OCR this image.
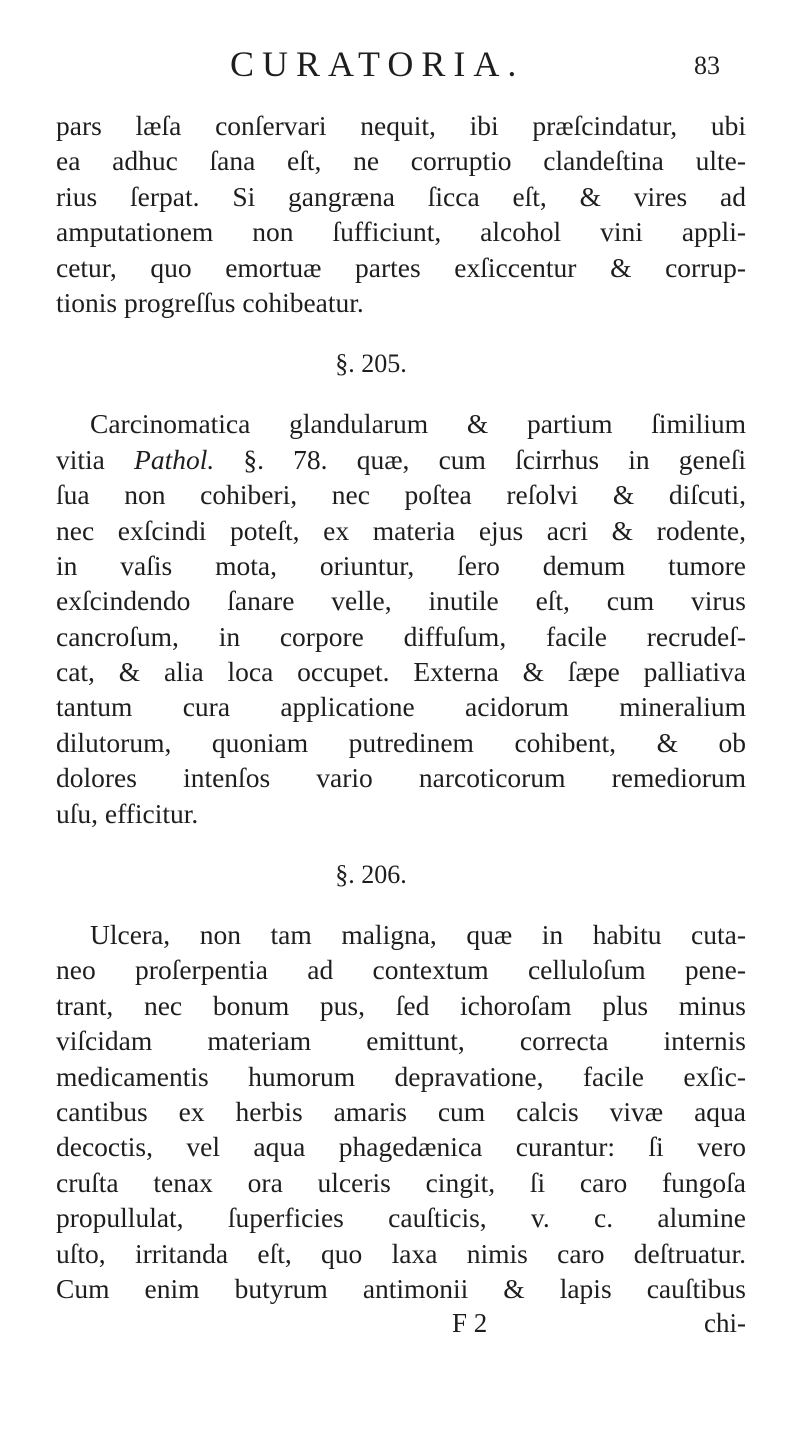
CURATORIA.	83
pars læſa conſervari nequit, ibi præſcindatur, ubi
ea adhuc ſana eſt, ne corruptio clandeſtina ulte-
rius ſerpat. Si gangræna ſicca eſt, & vires ad
amputationem non ſufficiunt, alcohol vini appli-
cetur, quo emortuæ partes exſiccentur & corrup-
tionis progreſſus cohibeatur.
§. 205.
Carcinomatica glandularum & partium ſimilium
vitia Pathol. §. 78. quæ, cum ſcirrhus in geneſi
ſua non cohiberi, nec poſtea reſolvi & diſcuti,
nec exſcindi poteſt, ex materia ejus acri & rodente,
in vaſis mota, oriuntur, ſero demum tumore
exſcindendo ſanare velle, inutile eſt, cum virus
cancroſum, in corpore diffuſum, facile recrudeſ-
cat, & alia loca occupet. Externa & ſæpe palliativa
tantum cura applicatione acidorum mineralium
dilutorum, quoniam putredinem cohibent, & ob
dolores intenſos vario narcoticorum remediorum
uſu, efficitur.
§. 206.
Ulcera, non tam maligna, quæ in habitu cuta-
neo proſerpentia ad contextum celluloſum pene-
trant, nec bonum pus, ſed ichoroſam plus minus
viſcidam materiam emittunt, correcta internis
medicamentis humorum depravatione, facile exſic-
cantibus ex herbis amaris cum calcis vivæ aqua
decoctis, vel aqua phagedænica curantur: ſi vero
cruſta tenax ora ulceris cingit, ſi caro fungoſa
propullulat, ſuperficies cauſticis, v. c. alumine
uſto, irritanda eſt, quo laxa nimis caro deſtruatur.
Cum enim butyrum antimonii & lapis cauſtibus
F 2	chi-
